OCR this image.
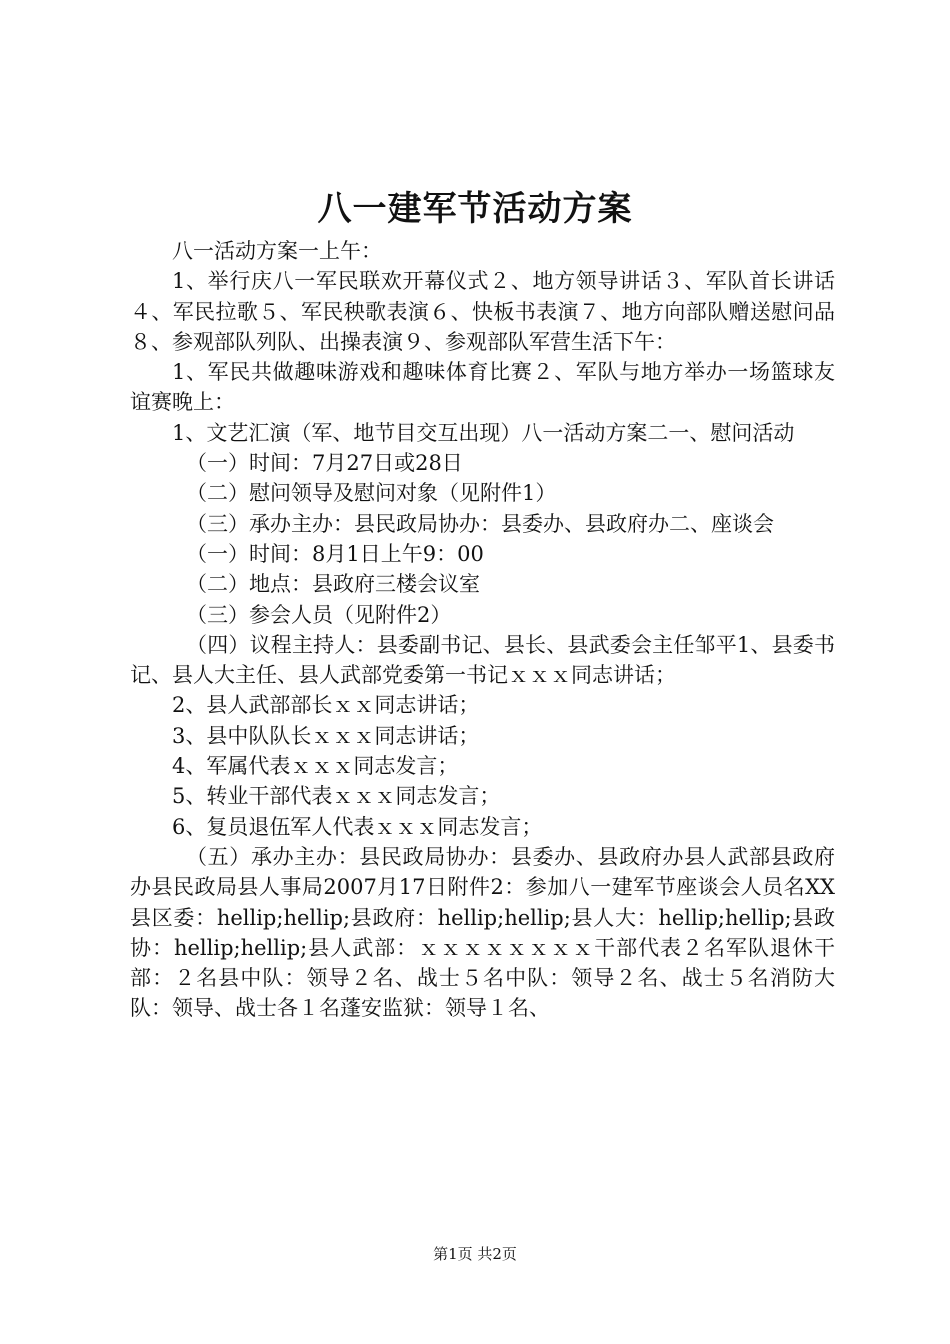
八一建军节活动方案

八一活动方案一上午：

1、举行庆八一军民联欢开幕仪式２、地方领导讲话３、军队首长讲话４、军民拉歌５、军民秧歌表演６、快板书表演７、地方向部队赠送慰问品８、参观部队列队、出操表演９、参观部队军营生活下午：

1、军民共做趣味游戏和趣味体育比赛２、军队与地方举办一场篮球友谊赛晚上：

1、文艺汇演（军、地节目交互出现）八一活动方案二一、慰问活动

（一）时间：7月27日或28日

（二）慰问领导及慰问对象（见附件1）

（三）承办主办：县民政局协办：县委办、县政府办二、座谈会

（一）时间：8月1日上午9：00

（二）地点：县政府三楼会议室

（三）参会人员（见附件2）

（四）议程主持人：县委副书记、县长、县武委会主任邹平1、县委书记、县人大主任、县人武部党委第一书记ｘｘｘ同志讲话；

2、县人武部部长ｘｘ同志讲话；

3、县中队队长ｘｘｘ同志讲话；

4、军属代表ｘｘｘ同志发言；

5、转业干部代表ｘｘｘ同志发言；

6、复员退伍军人代表ｘｘｘ同志发言；

（五）承办主办：县民政局协办：县委办、县政府办县人武部县政府办县民政局县人事局2007月17日附件2：参加八一建军节座谈会人员名XX县区委：hellip;hellip;县政府：hellip;hellip;县人大：hellip;hellip;县政协：hellip;hellip;县人武部：ｘｘｘｘｘｘｘｘ干部代表２名军队退休干部：２名县中队：领导２名、战士５名中队：领导２名、战士５名消防大队：领导、战士各１名蓬安监狱：领导１名、

第1页 共2页
